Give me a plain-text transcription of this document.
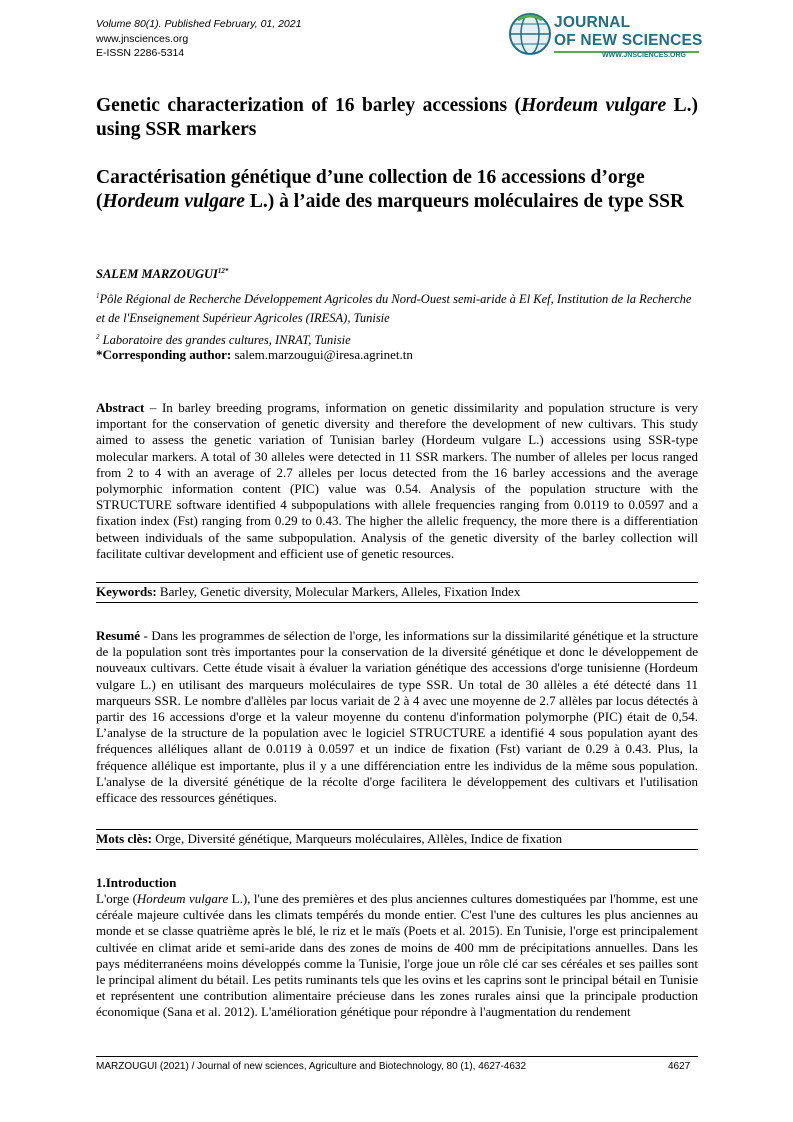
Volume 80(1). Published February, 01, 2021
www.jnsciences.org
E-ISSN 2286-5314
JOURNAL
OF NEW SCIENCES
WWW.JNSCIENCES.ORG
Genetic characterization of 16 barley accessions (Hordeum vulgare L.) using SSR markers
Caractérisation génétique d’une collection de 16 accessions d’orge (Hordeum vulgare L.) à l’aide des marqueurs moléculaires de type SSR
SALEM $MARZOUGUI^{12*}$
$^1$Pôle Régional de Recherche Développement Agricoles du Nord-Ouest semi-aride à El Kef, Institution de la Recherche et de l'Enseignement Supérieur Agricoles (IRESA), Tunisie
$^2$ Laboratoire des grandes cultures, INRAT, Tunisie
*Corresponding author: salem.marzougui@iresa.agrinet.tn
Abstract – In barley breeding programs, information on genetic dissimilarity and population structure is very important for the conservation of genetic diversity and therefore the development of new cultivars. This study aimed to assess the genetic variation of Tunisian barley (Hordeum vulgare L.) accessions using SSR-type molecular markers. A total of 30 alleles were detected in 11 SSR markers. The number of alleles per locus ranged from 2 to 4 with an average of 2.7 alleles per locus detected from the 16 barley accessions and the average polymorphic information content (PIC) value was 0.54. Analysis of the population structure with the STRUCTURE software identified 4 subpopulations with allele frequencies ranging from 0.0119 to 0.0597 and a fixation index (Fst) ranging from 0.29 to 0.43. The higher the allelic frequency, the more there is a differentiation between individuals of the same subpopulation. Analysis of the genetic diversity of the barley collection will facilitate cultivar development and efficient use of genetic resources.
Keywords: Barley, Genetic diversity, Molecular Markers, Alleles, Fixation Index
Resumé - Dans les programmes de sélection de l'orge, les informations sur la dissimilarité génétique et la structure de la population sont très importantes pour la conservation de la diversité génétique et donc le développement de nouveaux cultivars. Cette étude visait à évaluer la variation génétique des accessions d'orge tunisienne (Hordeum vulgare L.) en utilisant des marqueurs moléculaires de type SSR. Un total de 30 allèles a été détecté dans 11 marqueurs SSR. Le nombre d'allèles par locus variait de 2 à 4 avec une moyenne de 2.7 allèles par locus détectés à partir des 16 accessions d'orge et la valeur moyenne du contenu d'information polymorphe (PIC) était de 0,54. L’analyse de la structure de la population avec le logiciel STRUCTURE a identifié 4 sous population ayant des fréquences alléliques allant de 0.0119 à 0.0597 et un indice de fixation (Fst) variant de 0.29 à 0.43. Plus, la fréquence allélique est importante, plus il y a une différenciation entre les individus de la même sous population. L'analyse de la diversité génétique de la récolte d'orge facilitera le développement des cultivars et l'utilisation efficace des ressources génétiques.
Mots clès: Orge, Diversité génétique, Marqueurs moléculaires, Allèles, Indice de fixation
1.Introduction
L'orge (Hordeum vulgare L.), l'une des premières et des plus anciennes cultures domestiquées par l'homme, est une céréale majeure cultivée dans les climats tempérés du monde entier. C'est l'une des cultures les plus anciennes au monde et se classe quatrième après le blé, le riz et le maïs (Poets et al. 2015). En Tunisie, l'orge est principalement cultivée en climat aride et semi-aride dans des zones de moins de 400 mm de précipitations annuelles. Dans les pays méditerranéens moins développés comme la Tunisie, l'orge joue un rôle clé car ses céréales et ses pailles sont le principal aliment du bétail. Les petits ruminants tels que les ovins et les caprins sont le principal bétail en Tunisie et représentent une contribution alimentaire précieuse dans les zones rurales ainsi que la principale production économique (Sana et al. 2012). L'amélioration génétique pour répondre à l'augmentation du rendement
MARZOUGUI (2021) / Journal of new sciences, Agriculture and Biotechnology, 80 (1), 4627-4632	4627
